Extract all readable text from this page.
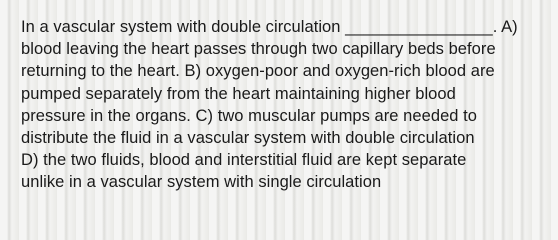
In a vascular system with double circulation ________________. A)
blood leaving the heart passes through two capillary beds before
returning to the heart. B) oxygen-poor and oxygen-rich blood are
pumped separately from the heart maintaining higher blood
pressure in the organs. C) two muscular pumps are needed to
distribute the fluid in a vascular system with double circulation
D) the two fluids, blood and interstitial fluid are kept separate
unlike in a vascular system with single circulation
